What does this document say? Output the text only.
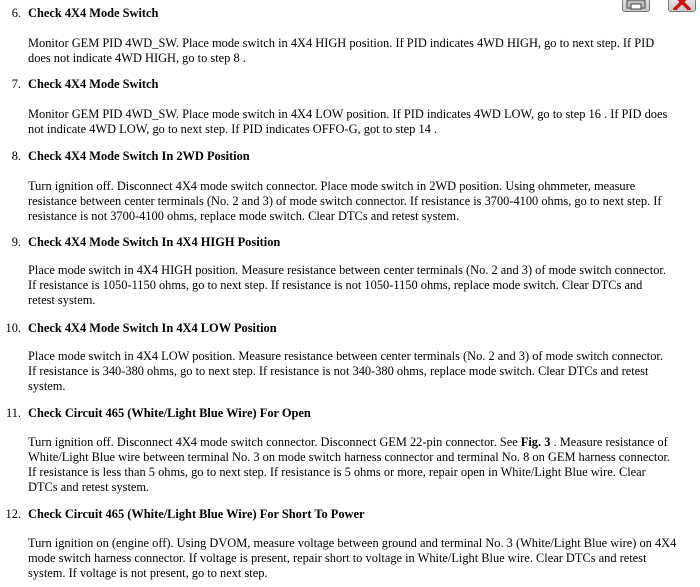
6. Check 4X4 Mode Switch
Monitor GEM PID 4WD_SW. Place mode switch in 4X4 HIGH position. If PID indicates 4WD HIGH, go to next step. If PID
does not indicate 4WD HIGH, go to step 8 .
7. Check 4X4 Mode Switch
Monitor GEM PID 4WD_SW. Place mode switch in 4X4 LOW position. If PID indicates 4WD LOW, go to step 16 . If PID does
not indicate 4WD LOW, go to next step. If PID indicates OFFO-G, got to step 14 .
8. Check 4X4 Mode Switch In 2WD Position
Turn ignition off. Disconnect 4X4 mode switch connector. Place mode switch in 2WD position. Using ohmmeter, measure
resistance between center terminals (No. 2 and 3) of mode switch connector. If resistance is 3700-4100 ohms, go to next step. If
resistance is not 3700-4100 ohms, replace mode switch. Clear DTCs and retest system.
9. Check 4X4 Mode Switch In 4X4 HIGH Position
Place mode switch in 4X4 HIGH position. Measure resistance between center terminals (No. 2 and 3) of mode switch connector.
If resistance is 1050-1150 ohms, go to next step. If resistance is not 1050-1150 ohms, replace mode switch. Clear DTCs and
retest system.
10. Check 4X4 Mode Switch In 4X4 LOW Position
Place mode switch in 4X4 LOW position. Measure resistance between center terminals (No. 2 and 3) of mode switch connector.
If resistance is 340-380 ohms, go to next step. If resistance is not 340-380 ohms, replace mode switch. Clear DTCs and retest
system.
11. Check Circuit 465 (White/Light Blue Wire) For Open
Turn ignition off. Disconnect 4X4 mode switch connector. Disconnect GEM 22-pin connector. See Fig. 3 . Measure resistance of
White/Light Blue wire between terminal No. 3 on mode switch harness connector and terminal No. 8 on GEM harness connector.
If resistance is less than 5 ohms, go to next step. If resistance is 5 ohms or more, repair open in White/Light Blue wire. Clear
DTCs and retest system.
12. Check Circuit 465 (White/Light Blue Wire) For Short To Power
Turn ignition on (engine off). Using DVOM, measure voltage between ground and terminal No. 3 (White/Light Blue wire) on 4X4
mode switch harness connector. If voltage is present, repair short to voltage in White/Light Blue wire. Clear DTCs and retest
system. If voltage is not present, go to next step.
